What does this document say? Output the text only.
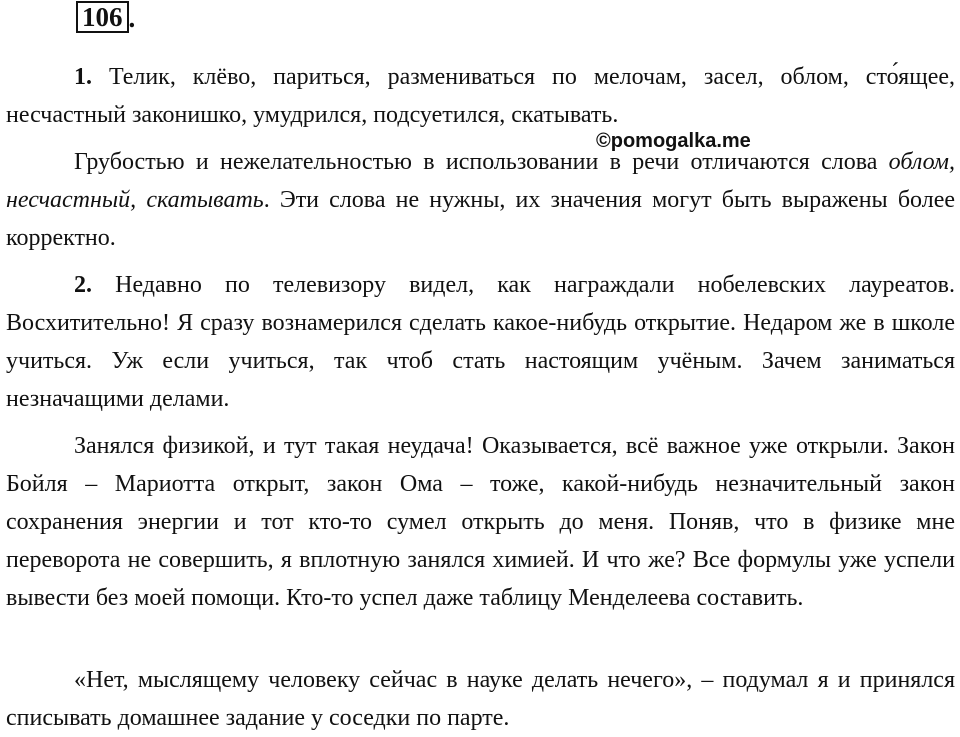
106 .

1. Телик, клёво, париться, размениваться по мелочам, засел, облом, сто́ящее, несчастный законишко, умудрился, подсуетился, скатывать.

Грубостью и нежелательностью в использовании в речи отличаются слова облом, несчастный, скатывать. Эти слова не нужны, их значения могут быть выражены более корректно.

2. Недавно по телевизору видел, как награждали нобелевских лауреатов. Восхитительно! Я сразу вознамерился сделать какое-нибудь открытие. Недаром же в школе учиться. Уж если учиться, так чтоб стать настоящим учёным. Зачем заниматься незначащими делами.

Занялся физикой, и тут такая неудача! Оказывается, всё важное уже открыли. Закон Бойля – Мариотта открыт, закон Ома – тоже, какой-нибудь незначительный закон сохранения энергии и тот кто-то сумел открыть до меня. Поняв, что в физике мне переворота не совершить, я вплотную занялся химией. И что же? Все формулы уже успели вывести без моей помощи. Кто-то успел даже таблицу Менделеева составить.

«Нет, мыслящему человеку сейчас в науке делать нечего», – подумал я и принялся списывать домашнее задание у соседки по парте.

©pomogalka.me
